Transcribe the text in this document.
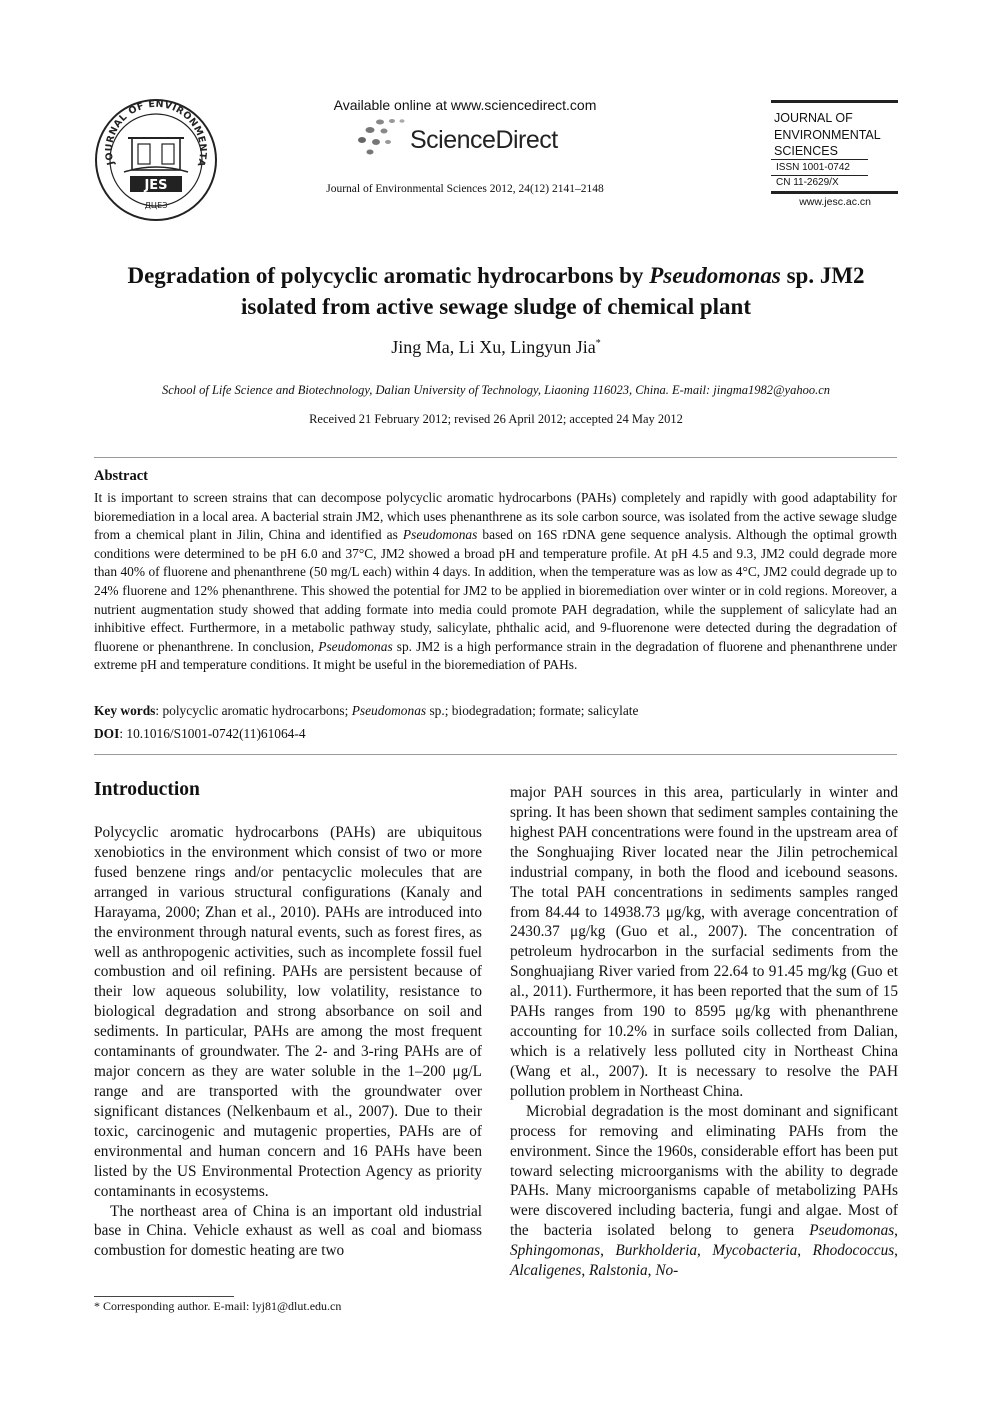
JOURNAL OF ENVIRONMENTA
JES
ДЦЕЗ
Available online at www.sciencedirect.com
ScienceDirect
Journal of Environmental Sciences 2012, 24(12) 2141–2148
JOURNAL OF
ENVIRONMENTAL
SCIENCES
ISSN 1001-0742
CN 11-2629/X
www.jesc.ac.cn
Degradation of polycyclic aromatic hydrocarbons by Pseudomonas sp. JM2
isolated from active sewage sludge of chemical plant
Jing Ma, Li Xu, Lingyun Jia*
School of Life Science and Biotechnology, Dalian University of Technology, Liaoning 116023, China. E-mail: jingma1982@yahoo.cn
Received 21 February 2012; revised 26 April 2012; accepted 24 May 2012
Abstract
It is important to screen strains that can decompose polycyclic aromatic hydrocarbons (PAHs) completely and rapidly with good adaptability for bioremediation in a local area. A bacterial strain JM2, which uses phenanthrene as its sole carbon source, was isolated from the active sewage sludge from a chemical plant in Jilin, China and identified as Pseudomonas based on 16S rDNA gene sequence analysis. Although the optimal growth conditions were determined to be pH 6.0 and 37°C, JM2 showed a broad pH and temperature profile. At pH 4.5 and 9.3, JM2 could degrade more than 40% of fluorene and phenanthrene (50 mg/L each) within 4 days. In addition, when the temperature was as low as 4°C, JM2 could degrade up to 24% fluorene and 12% phenanthrene. This showed the potential for JM2 to be applied in bioremediation over winter or in cold regions. Moreover, a nutrient augmentation study showed that adding formate into media could promote PAH degradation, while the supplement of salicylate had an inhibitive effect. Furthermore, in a metabolic pathway study, salicylate, phthalic acid, and 9-fluorenone were detected during the degradation of fluorene or phenanthrene. In conclusion, Pseudomonas sp. JM2 is a high performance strain in the degradation of fluorene and phenanthrene under extreme pH and temperature conditions. It might be useful in the bioremediation of PAHs.
Key words: polycyclic aromatic hydrocarbons; Pseudomonas sp.; biodegradation; formate; salicylate
DOI: 10.1016/S1001-0742(11)61064-4
Introduction

Polycyclic aromatic hydrocarbons (PAHs) are ubiquitous xenobiotics in the environment which consist of two or more fused benzene rings and/or pentacyclic molecules that are arranged in various structural configurations (Kanaly and Harayama, 2000; Zhan et al., 2010). PAHs are introduced into the environment through natural events, such as forest fires, as well as anthropogenic activities, such as incomplete fossil fuel combustion and oil refining. PAHs are persistent because of their low aqueous solubility, low volatility, resistance to biological degradation and strong absorbance on soil and sediments. In particular, PAHs are among the most frequent contaminants of groundwater. The 2- and 3-ring PAHs are of major concern as they are water soluble in the 1–200 μg/L range and are transported with the groundwater over significant distances (Nelkenbaum et al., 2007). Due to their toxic, carcinogenic and mutagenic properties, PAHs are of environmental and human concern and 16 PAHs have been listed by the US Environmental Protection Agency as priority contaminants in ecosystems.

The northeast area of China is an important old industrial base in China. Vehicle exhaust as well as coal and biomass combustion for domestic heating are two

major PAH sources in this area, particularly in winter and spring. It has been shown that sediment samples containing the highest PAH concentrations were found in the upstream area of the Songhuajing River located near the Jilin petrochemical industrial company, in both the flood and icebound seasons. The total PAH concentrations in sediments samples ranged from 84.44 to 14938.73 μg/kg, with average concentration of 2430.37 μg/kg (Guo et al., 2007). The concentration of petroleum hydrocarbon in the surfacial sediments from the Songhuajiang River varied from 22.64 to 91.45 mg/kg (Guo et al., 2011). Furthermore, it has been reported that the sum of 15 PAHs ranges from 190 to 8595 μg/kg with phenanthrene accounting for 10.2% in surface soils collected from Dalian, which is a relatively less polluted city in Northeast China (Wang et al., 2007). It is necessary to resolve the PAH pollution problem in Northeast China.

Microbial degradation is the most dominant and significant process for removing and eliminating PAHs from the environment. Since the 1960s, considerable effort has been put toward selecting microorganisms with the ability to degrade PAHs. Many microorganisms capable of metabolizing PAHs were discovered including bacteria, fungi and algae. Most of the bacteria isolated belong to genera Pseudomonas, Sphingomonas, Burkholderia, Mycobacteria, Rhodococcus, Alcaligenes, Ralstonia, No-

* Corresponding author. E-mail: lyj81@dlut.edu.cn
